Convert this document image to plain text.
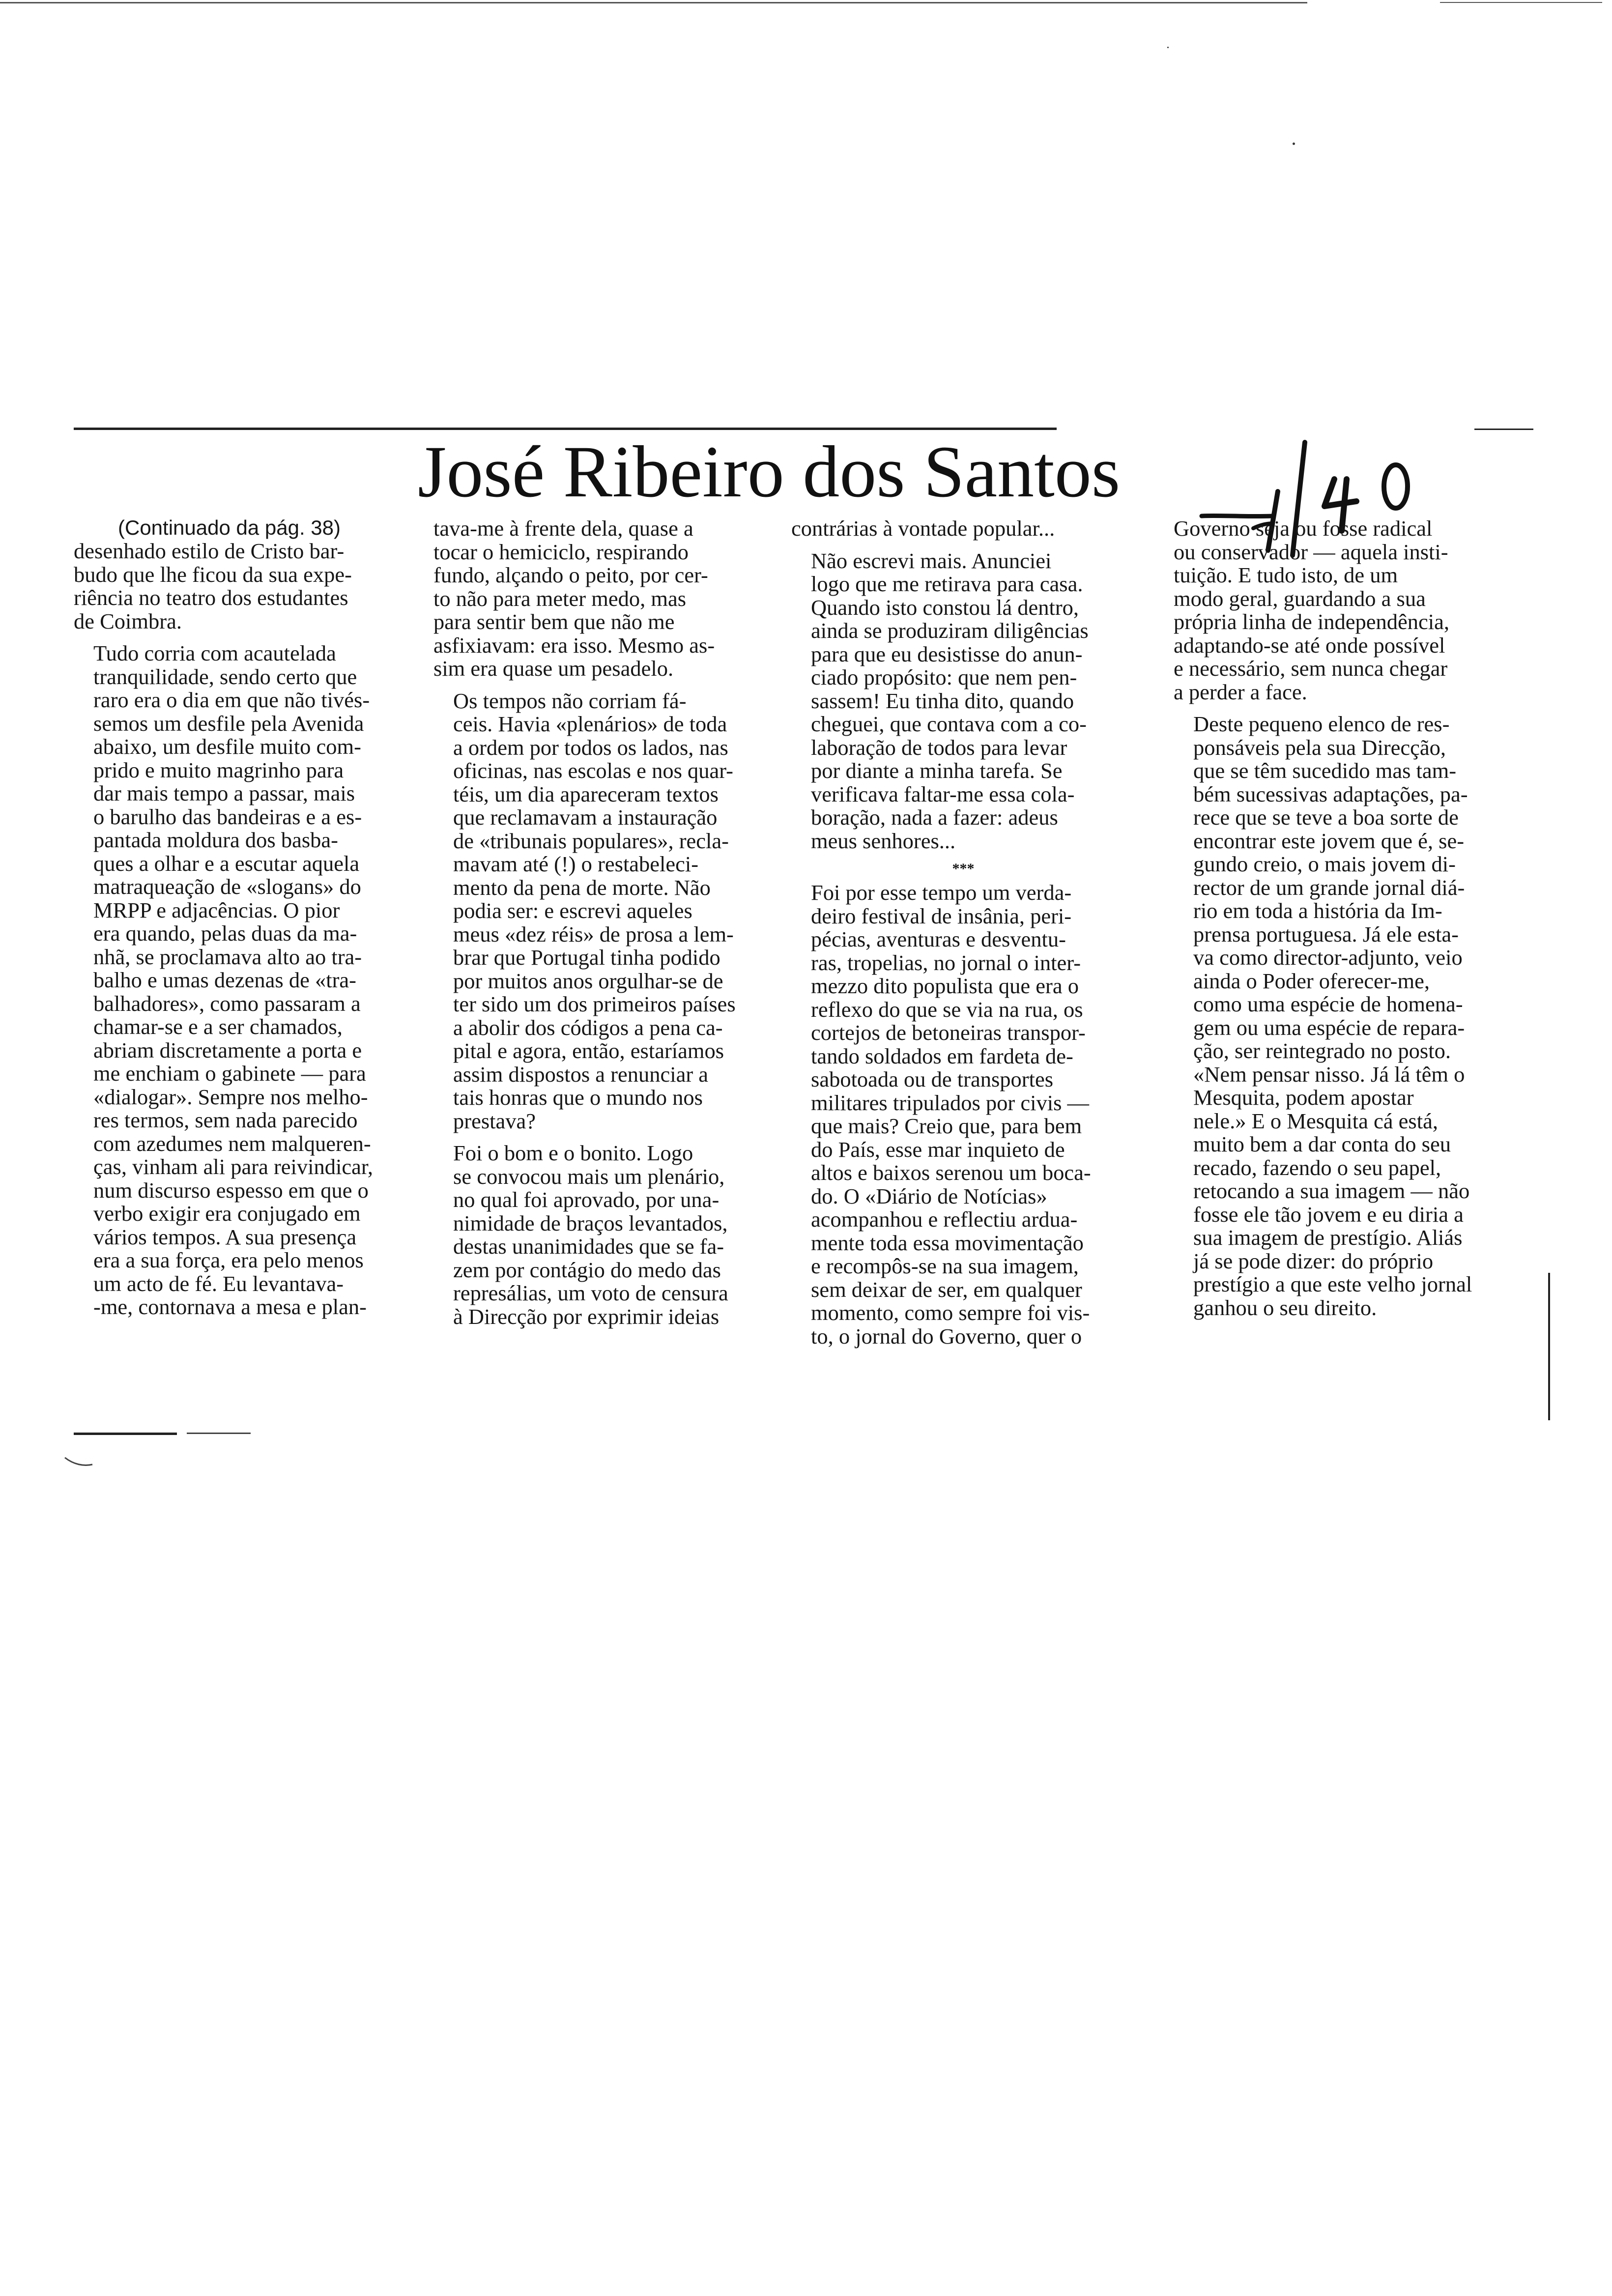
José Ribeiro dos Santos
(Continuado da pág. 38)

desenhado estilo de Cristo bar-
budo que lhe ficou da sua expe-
riência no teatro dos estudantes
de Coimbra.

Tudo corria com acautelada
tranquilidade, sendo certo que
raro era o dia em que não tivés-
semos um desfile pela Avenida
abaixo, um desfile muito com-
prido e muito magrinho para
dar mais tempo a passar, mais
o barulho das bandeiras e a es-
pantada moldura dos basba-
ques a olhar e a escutar aquela
matraqueação de «slogans» do
MRPP e adjacências. O pior
era quando, pelas duas da ma-
nhã, se proclamava alto ao tra-
balho e umas dezenas de «tra-
balhadores», como passaram a
chamar-se e a ser chamados,
abriam discretamente a porta e
me enchiam o gabinete — para
«dialogar». Sempre nos melho-
res termos, sem nada parecido
com azedumes nem malqueren-
ças, vinham ali para reivindicar,
num discurso espesso em que o
verbo exigir era conjugado em
vários tempos. A sua presença
era a sua força, era pelo menos
um acto de fé. Eu levantava-
-me, contornava a mesa e plan-

tava-me à frente dela, quase a
tocar o hemiciclo, respirando
fundo, alçando o peito, por cer-
to não para meter medo, mas
para sentir bem que não me
asfixiavam: era isso. Mesmo as-
sim era quase um pesadelo.

Os tempos não corriam fá-
ceis. Havia «plenários» de toda
a ordem por todos os lados, nas
oficinas, nas escolas e nos quar-
téis, um dia apareceram textos
que reclamavam a instauração
de «tribunais populares», recla-
mavam até (!) o restabeleci-
mento da pena de morte. Não
podia ser: e escrevi aqueles
meus «dez réis» de prosa a lem-
brar que Portugal tinha podido
por muitos anos orgulhar-se de
ter sido um dos primeiros países
a abolir dos códigos a pena ca-
pital e agora, então, estaríamos
assim dispostos a renunciar a
tais honras que o mundo nos
prestava?

Foi o bom e o bonito. Logo
se convocou mais um plenário,
no qual foi aprovado, por una-
nimidade de braços levantados,
destas unanimidades que se fa-
zem por contágio do medo das
represálias, um voto de censura
à Direcção por exprimir ideias

contrárias à vontade popular...

Não escrevi mais. Anunciei
logo que me retirava para casa.
Quando isto constou lá dentro,
ainda se produziram diligências
para que eu desistisse do anun-
ciado propósito: que nem pen-
sassem! Eu tinha dito, quando
cheguei, que contava com a co-
laboração de todos para levar
por diante a minha tarefa. Se
verificava faltar-me essa cola-
boração, nada a fazer: adeus
meus senhores...

***

Foi por esse tempo um verda-
deiro festival de insânia, peri-
pécias, aventuras e desventu-
ras, tropelias, no jornal o inter-
mezzo dito populista que era o
reflexo do que se via na rua, os
cortejos de betoneiras transpor-
tando soldados em fardeta de-
sabotoada ou de transportes
militares tripulados por civis —
que mais? Creio que, para bem
do País, esse mar inquieto de
altos e baixos serenou um boca-
do. O «Diário de Notícias»
acompanhou e reflectiu ardua-
mente toda essa movimentação
e recompôs-se na sua imagem,
sem deixar de ser, em qualquer
momento, como sempre foi vis-
to, o jornal do Governo, quer o

Governo seja ou fosse radical
ou conservador — aquela insti-
tuição. E tudo isto, de um
modo geral, guardando a sua
própria linha de independência,
adaptando-se até onde possível
e necessário, sem nunca chegar
a perder a face.

Deste pequeno elenco de res-
ponsáveis pela sua Direcção,
que se têm sucedido mas tam-
bém sucessivas adaptações, pa-
rece que se teve a boa sorte de
encontrar este jovem que é, se-
gundo creio, o mais jovem di-
rector de um grande jornal diá-
rio em toda a história da Im-
prensa portuguesa. Já ele esta-
va como director-adjunto, veio
ainda o Poder oferecer-me,
como uma espécie de homena-
gem ou uma espécie de repara-
ção, ser reintegrado no posto.
«Nem pensar nisso. Já lá têm o
Mesquita, podem apostar
nele.» E o Mesquita cá está,
muito bem a dar conta do seu
recado, fazendo o seu papel,
retocando a sua imagem — não
fosse ele tão jovem e eu diria a
sua imagem de prestígio. Aliás
já se pode dizer: do próprio
prestígio a que este velho jornal
ganhou o seu direito.
